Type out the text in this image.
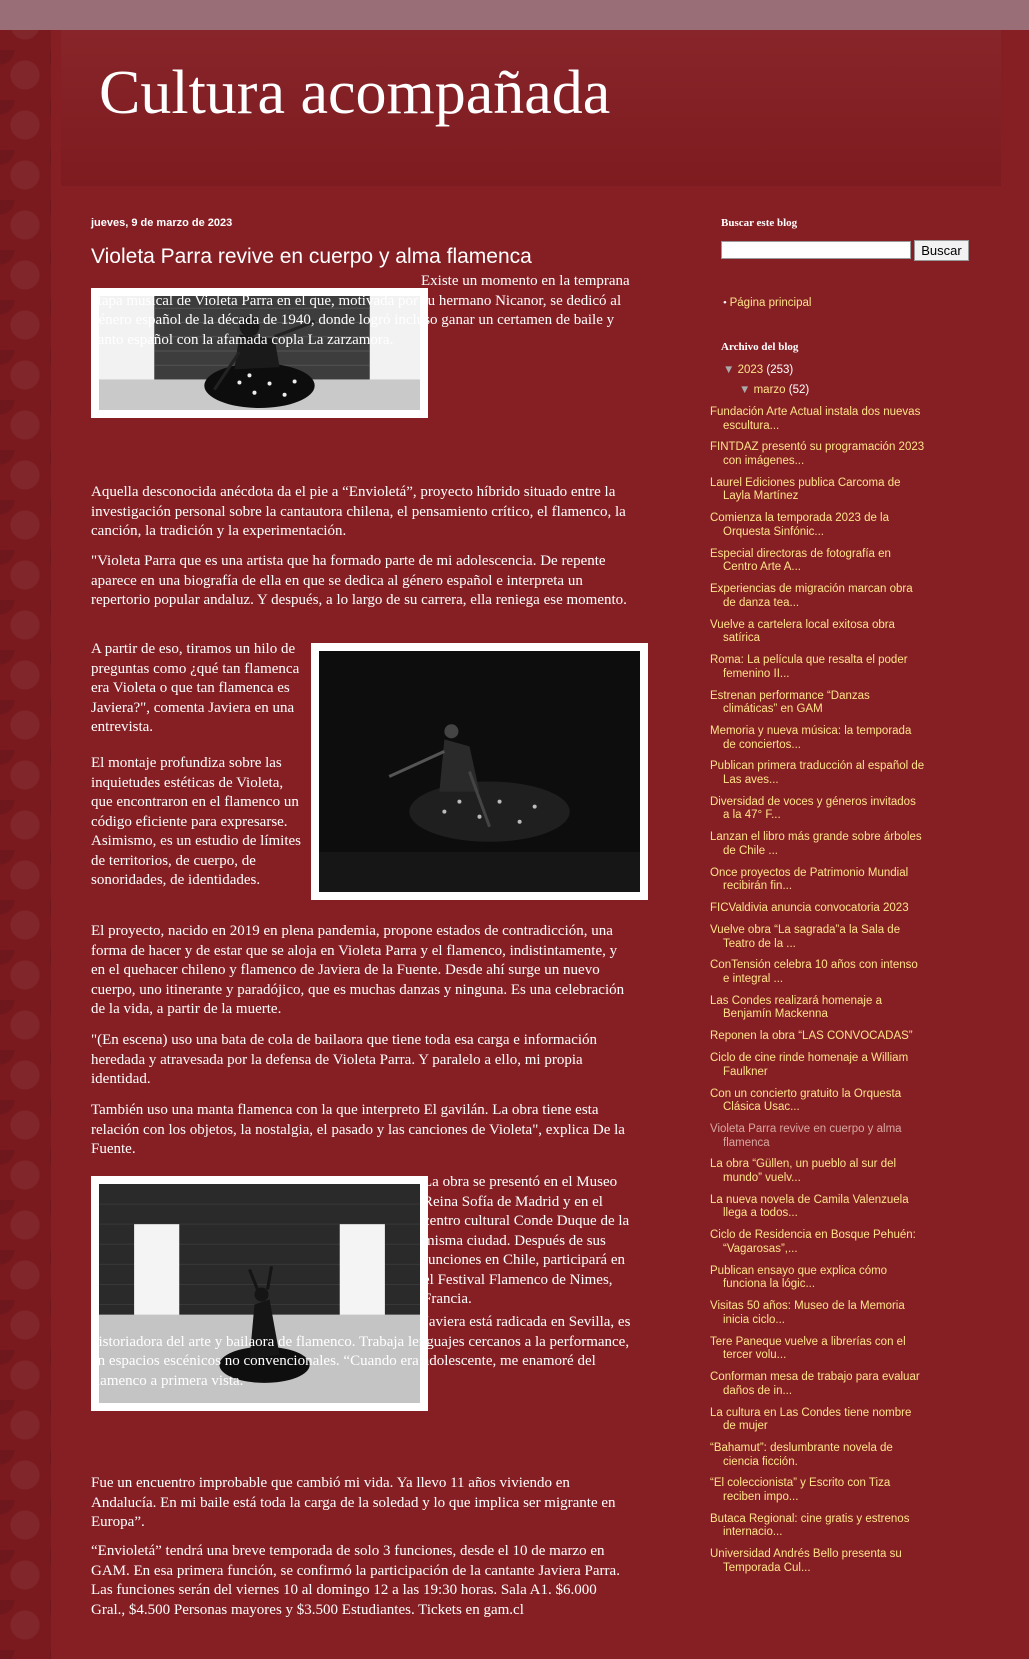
Cultura acompañada
jueves, 9 de marzo de 2023
Violeta Parra revive en cuerpo y alma flamenca

Existe un momento en la temprana etapa musical de Violeta Parra en el que, motivada por su hermano Nicanor, se dedicó al género español de la década de 1940, donde logró incluso ganar un certamen de baile y canto español con la afamada copla La zarzamora.

Aquella desconocida anécdota da el pie a “Envioletá”, proyecto híbrido situado entre la investigación personal sobre la cantautora chilena, el pensamiento crítico, el flamenco, la canción, la tradición y la experimentación.

"Violeta Parra que es una artista que ha formado parte de mi adolescencia. De repente aparece en una biografía de ella en que se dedica al género español e interpreta un repertorio popular andaluz. Y después, a lo largo de su carrera, ella reniega ese momento.

A partir de eso, tiramos un hilo de preguntas como ¿qué tan flamenca era Violeta o que tan flamenca es Javiera?", comenta Javiera en una entrevista.

El montaje profundiza sobre las inquietudes estéticas de Violeta, que encontraron en el flamenco un código eficiente para expresarse. Asimismo, es un estudio de límites de territorios, de cuerpo, de sonoridades, de identidades.

El proyecto, nacido en 2019 en plena pandemia, propone estados de contradicción, una forma de hacer y de estar que se aloja en Violeta Parra y el flamenco, indistintamente, y en el quehacer chileno y flamenco de Javiera de la Fuente. Desde ahí surge un nuevo cuerpo, uno itinerante y paradójico, que es muchas danzas y ninguna. Es una celebración de la vida, a partir de la muerte.

"(En escena) uso una bata de cola de bailaora que tiene toda esa carga e información heredada y atravesada por la defensa de Violeta Parra. Y paralelo a ello, mi propia identidad.

También uso una manta flamenca con la que interpreto El gavilán. La obra tiene esta relación con los objetos, la nostalgia, el pasado y las canciones de Violeta", explica De la Fuente.

La obra se presentó en el Museo Reina Sofía de Madrid y en el centro cultural Conde Duque de la misma ciudad. Después de sus funciones en Chile, participará en el Festival Flamenco de Nimes, Francia.

Javiera está radicada en Sevilla, es historiadora del arte y bailaora de flamenco. Trabaja lenguajes cercanos a la performance, en espacios escénicos no convencionales. “Cuando era adolescente, me enamoré del flamenco a primera vista.

Fue un encuentro improbable que cambió mi vida. Ya llevo 11 años viviendo en Andalucía. En mi baile está toda la carga de la soledad y lo que implica ser migrante en Europa”.

“Envioletá” tendrá una breve temporada de solo 3 funciones, desde el 10 de marzo en GAM. En esa primera función, se confirmó la participación de la cantante Javiera Parra. Las funciones serán del viernes 10 al domingo 12 a las 19:30 horas. Sala A1. $6.000 Gral., $4.500 Personas mayores y $3.500 Estudiantes. Tickets en gam.cl

Buscar este blog
Buscar
• Página principal
Archivo del blog
▼ 2023 (253)
▼ marzo (52)
Fundación Arte Actual instala dos nuevas escultura...
FINTDAZ presentó su programación 2023 con imágenes...
Laurel Ediciones publica Carcoma de Layla Martínez
Comienza la temporada 2023 de la Orquesta Sinfónic...
Especial directoras de fotografía en Centro Arte A...
Experiencias de migración marcan obra de danza tea...
Vuelve a cartelera local exitosa obra satírica
Roma: La película que resalta el poder femenino II...
Estrenan performance “Danzas climáticas” en GAM
Memoria y nueva música: la temporada de conciertos...
Publican primera traducción al español de Las aves...
Diversidad de voces y géneros invitados a la 47° F...
Lanzan el libro más grande sobre árboles de Chile ...
Once proyectos de Patrimonio Mundial recibirán fin...
FICValdivia anuncia convocatoria 2023
Vuelve obra “La sagrada”a la Sala de Teatro de la ...
ConTensión celebra 10 años con intenso e integral ...
Las Condes realizará homenaje a Benjamín Mackenna
Reponen la obra “LAS CONVOCADAS”
Ciclo de cine rinde homenaje a William Faulkner
Con un concierto gratuito la Orquesta Clásica Usac...
Violeta Parra revive en cuerpo y alma flamenca
La obra “Güllen, un pueblo al sur del mundo” vuelv...
La nueva novela de Camila Valenzuela llega a todos...
Ciclo de Residencia en Bosque Pehuén: “Vagarosas”,...
Publican ensayo que explica cómo funciona la lógic...
Visitas 50 años: Museo de la Memoria inicia ciclo...
Tere Paneque vuelve a librerías con el tercer volu...
Conforman mesa de trabajo para evaluar daños de in...
La cultura en Las Condes tiene nombre de mujer
“Bahamut”: deslumbrante novela de ciencia ficción.
“El coleccionista” y Escrito con Tiza reciben impo...
Butaca Regional: cine gratis y estrenos internacio...
Universidad Andrés Bello presenta su Temporada Cul...
